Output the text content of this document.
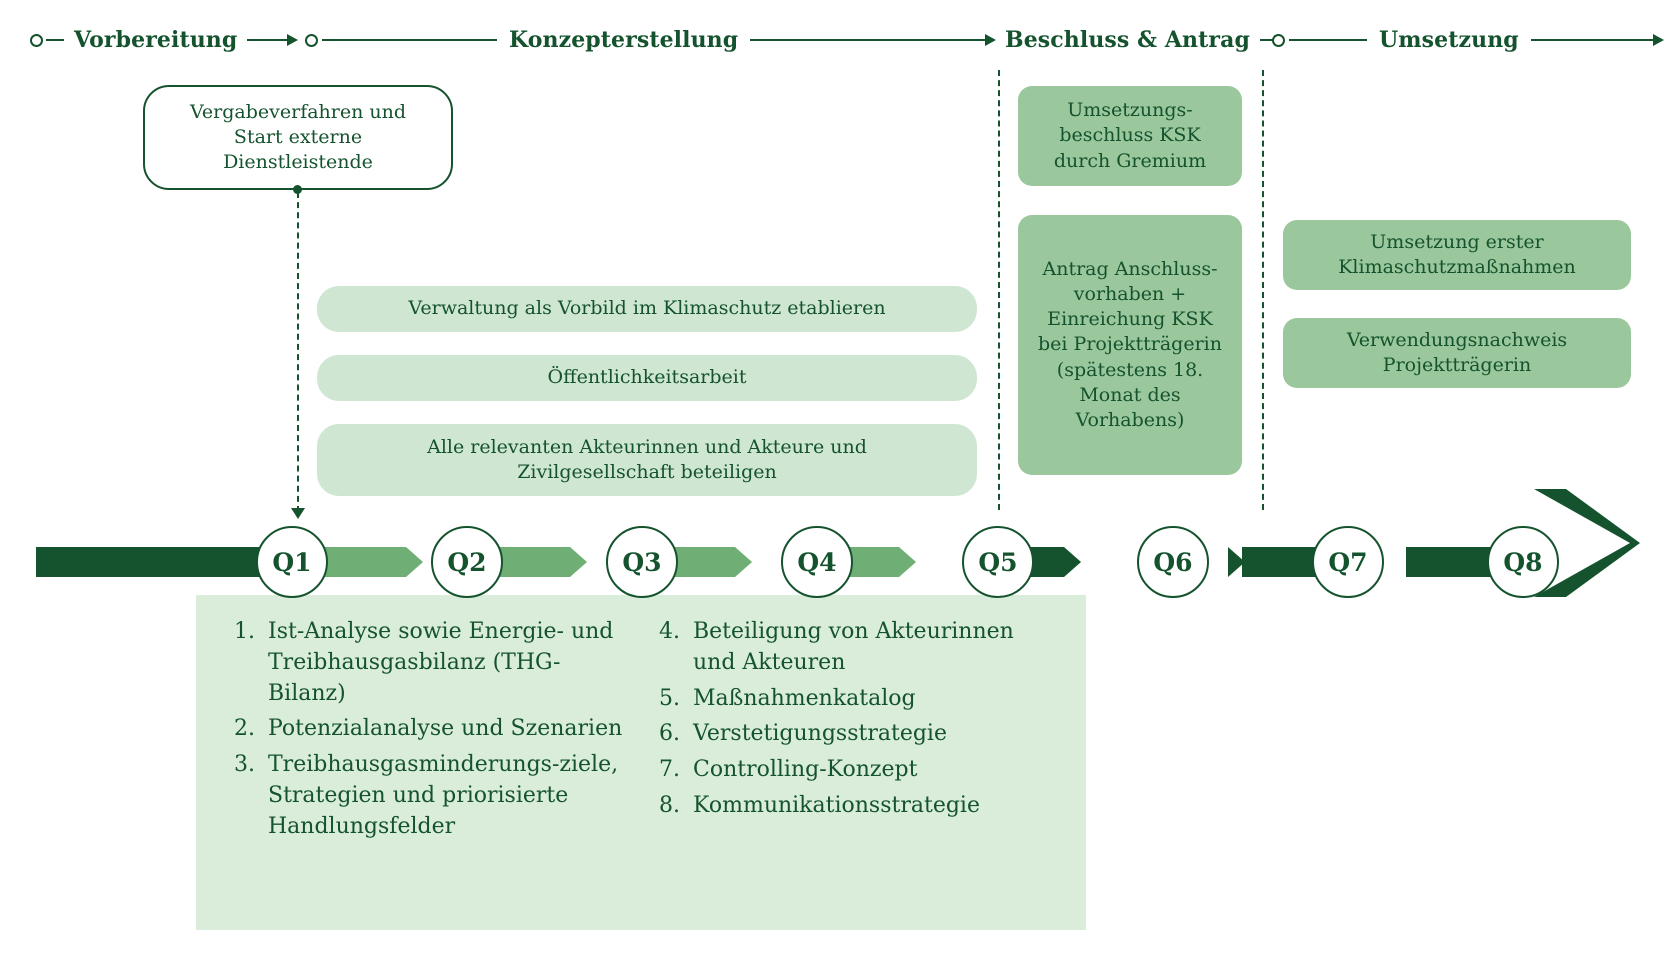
Vorbereitung	Konzepterstellung	Beschluss & Antrag	Umsetzung
Vergabeverfahren und Start externe Dienstleistende
Verwaltung als Vorbild im Klimaschutz etablieren
Öffentlichkeitsarbeit
Alle relevanten Akteurinnen und Akteure und Zivilgesellschaft beteiligen
Umsetzungs-beschluss KSK durch Gremium
Antrag Anschluss-vorhaben + Einreichung KSK bei Projektträgerin (spätestens 18. Monat des Vorhabens)
Umsetzung erster Klimaschutzmaßnahmen
Verwendungsnachweis Projektträgerin
1. Ist-Analyse sowie Energie- und Treibhausgasbilanz (THG-Bilanz)
2. Potenzialanalyse und Szenarien
3. Treibhausgasminderungs-ziele, Strategien und priorisierte Handlungsfelder
4. Beteiligung von Akteurinnen und Akteuren
5. Maßnahmenkatalog
6. Verstetigungsstrategie
7. Controlling-Konzept
8. Kommunikationsstrategie
Q1	Q2	Q3	Q4	Q5	Q6	Q7	Q8
